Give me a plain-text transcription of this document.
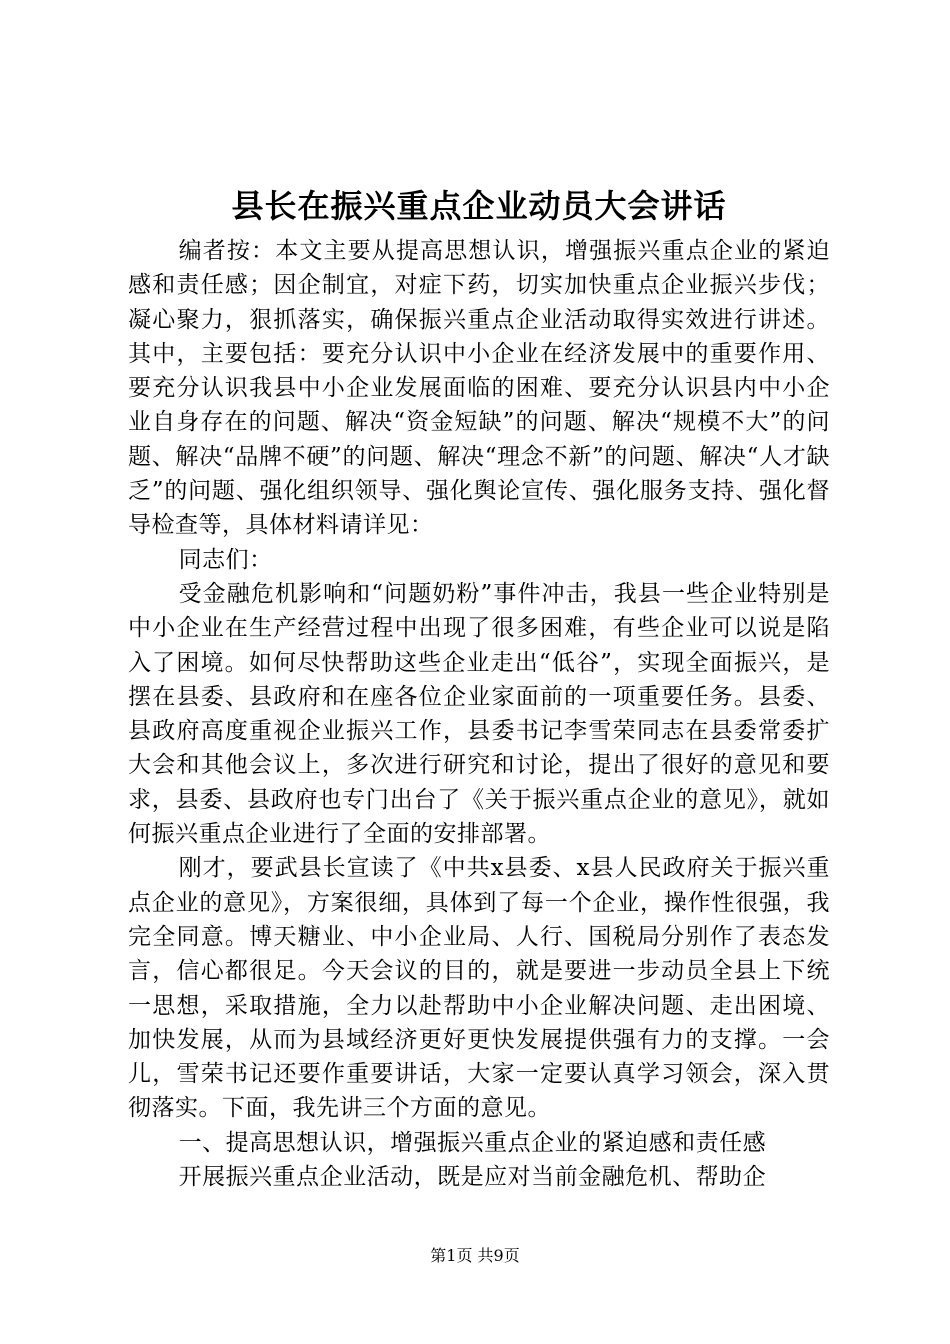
县长在振兴重点企业动员大会讲话

编者按：本文主要从提高思想认识，增强振兴重点企业的紧迫感和责任感；因企制宜，对症下药，切实加快重点企业振兴步伐；凝心聚力，狠抓落实，确保振兴重点企业活动取得实效进行讲述。其中，主要包括：要充分认识中小企业在经济发展中的重要作用、要充分认识我县中小企业发展面临的困难、要充分认识县内中小企业自身存在的问题、解决“资金短缺”的问题、解决“规模不大”的问题、解决“品牌不硬”的问题、解决“理念不新”的问题、解决“人才缺乏”的问题、强化组织领导、强化舆论宣传、强化服务支持、强化督导检查等，具体材料请详见：

同志们：

受金融危机影响和“问题奶粉”事件冲击，我县一些企业特别是中小企业在生产经营过程中出现了很多困难，有些企业可以说是陷入了困境。如何尽快帮助这些企业走出“低谷”，实现全面振兴，是摆在县委、县政府和在座各位企业家面前的一项重要任务。县委、县政府高度重视企业振兴工作，县委书记李雪荣同志在县委常委扩大会和其他会议上，多次进行研究和讨论，提出了很好的意见和要求，县委、县政府也专门出台了《关于振兴重点企业的意见》，就如何振兴重点企业进行了全面的安排部署。

刚才，要武县长宣读了《中共x县委、x县人民政府关于振兴重点企业的意见》，方案很细，具体到了每一个企业，操作性很强，我完全同意。博天糖业、中小企业局、人行、国税局分别作了表态发言，信心都很足。今天会议的目的，就是要进一步动员全县上下统一思想，采取措施，全力以赴帮助中小企业解决问题、走出困境、加快发展，从而为县域经济更好更快发展提供强有力的支撑。一会儿，雪荣书记还要作重要讲话，大家一定要认真学习领会，深入贯彻落实。下面，我先讲三个方面的意见。

一、提高思想认识，增强振兴重点企业的紧迫感和责任感

开展振兴重点企业活动，既是应对当前金融危机、帮助企

第1页 共9页
